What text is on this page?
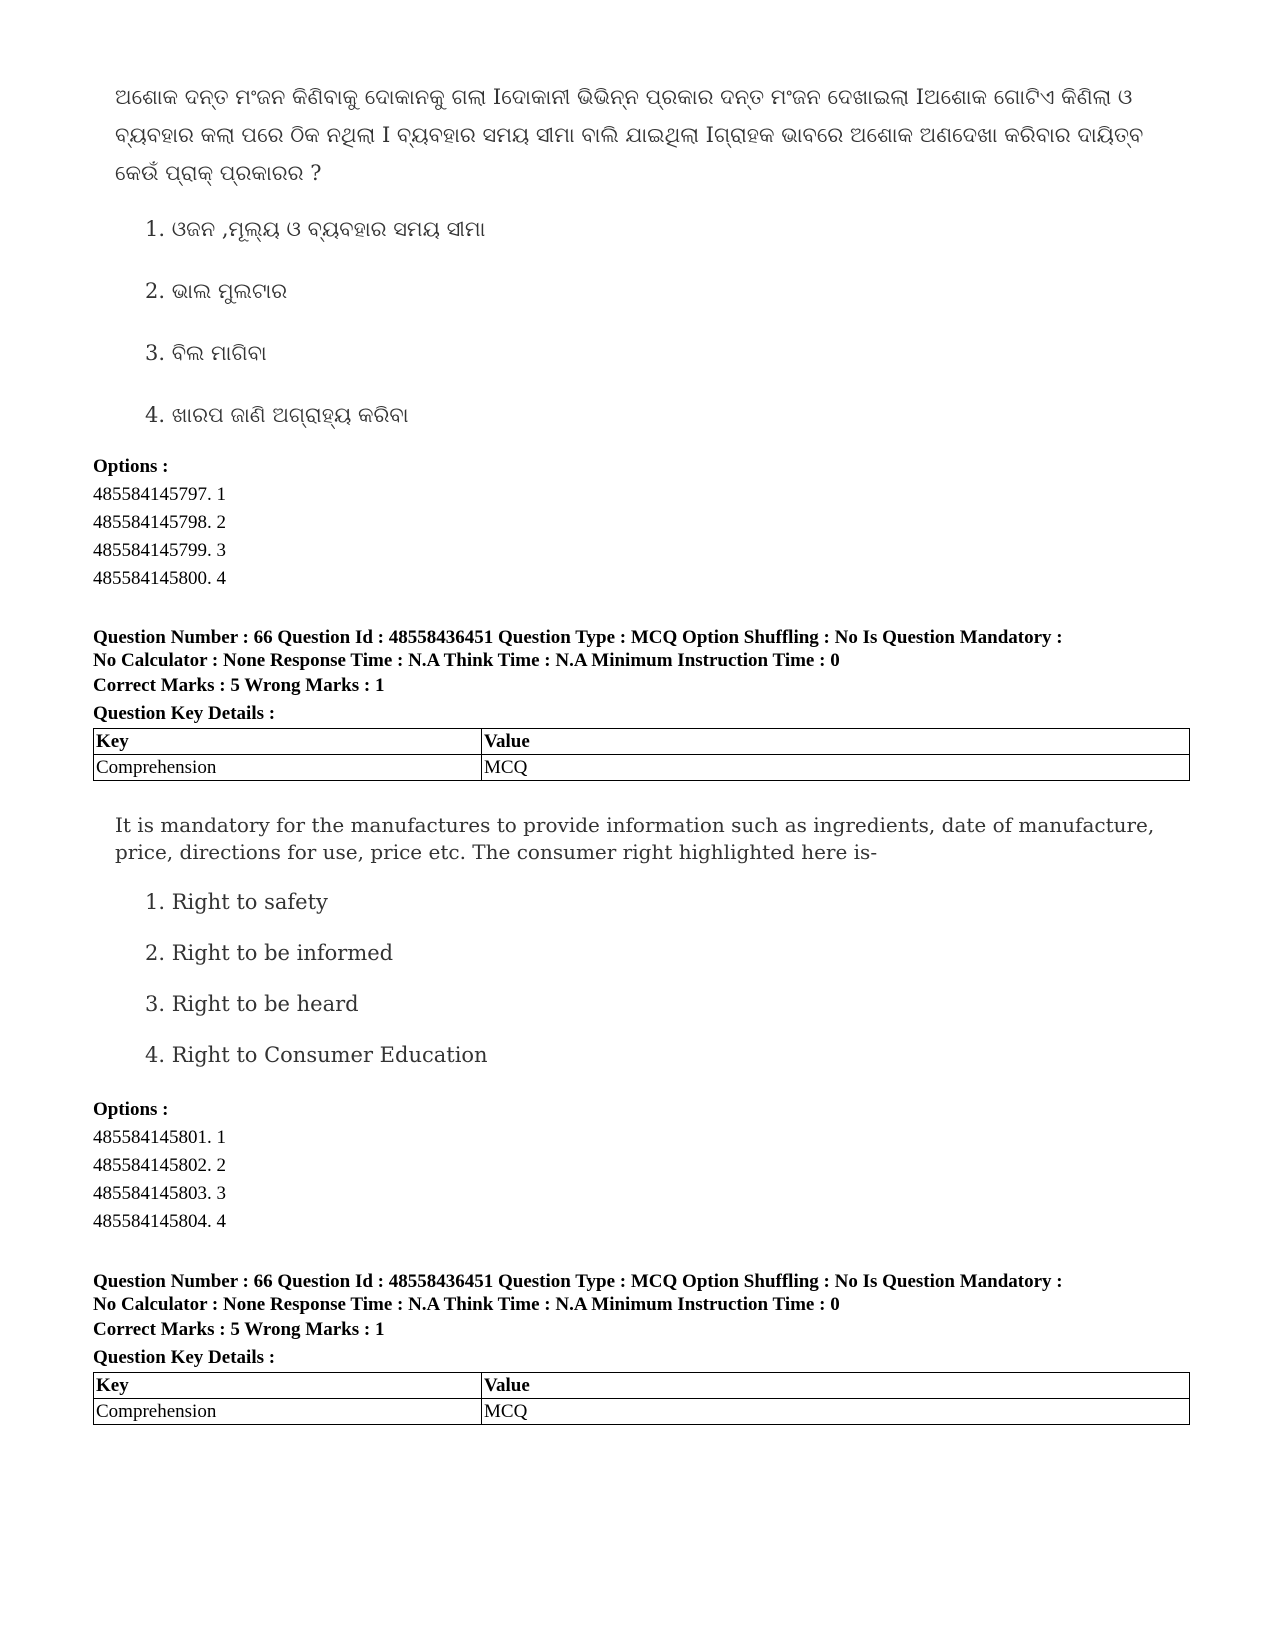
ଅଶୋକ ଦନ୍ତ ମଂଜନ କିଣିବାକୁ ଦୋକାନକୁ ଗଲା Iଦୋକାନୀ ଭିଭିନ୍ନ ପ୍ରକାର ଦନ୍ତ ମଂଜନ ଦେଖାଇଲା Iଅଶୋକ ଗୋଟିଏ କିଣିଲା ଓ ବ୍ୟବହାର କଲା ପରେ ଠିକ ନଥିଲା I ବ୍ୟବହାର ସମୟ ସୀମା ବାଲି ଯାଇଥିଲା Iଗ୍ରାହକ ଭାବରେ ଅଶୋକ ଅଣଦେଖା କରିବାର ଦାୟିତ୍ବ କେଉଁ ପ୍ରାକ୍ ପ୍ରକାରର ?
1. ଓଜନ ,ମୂଲ୍ୟ ଓ ବ୍ୟବହାର ସମୟ ସୀମା
2. ଭାଲ ମୁଲଟାର
3. ବିଲ ମାଗିବା
4. ଖାରପ ଜାଣି ଅଗ୍ରାହ୍ୟ କରିବା
Options :
485584145797. 1
485584145798. 2
485584145799. 3
485584145800. 4
Question Number : 66 Question Id : 48558436451 Question Type : MCQ Option Shuffling : No Is Question Mandatory :
No Calculator : None Response Time : N.A Think Time : N.A Minimum Instruction Time : 0
Correct Marks : 5 Wrong Marks : 1
Question Key Details :
Key	Value
Comprehension	MCQ
It is mandatory for the manufactures to provide information such as ingredients, date of manufacture, price, directions for use, price etc. The consumer right highlighted here is-
1. Right to safety
2. Right to be informed
3. Right to be heard
4. Right to Consumer Education
Options :
485584145801. 1
485584145802. 2
485584145803. 3
485584145804. 4
Question Number : 66 Question Id : 48558436451 Question Type : MCQ Option Shuffling : No Is Question Mandatory :
No Calculator : None Response Time : N.A Think Time : N.A Minimum Instruction Time : 0
Correct Marks : 5 Wrong Marks : 1
Question Key Details :
Key	Value
Comprehension	MCQ
